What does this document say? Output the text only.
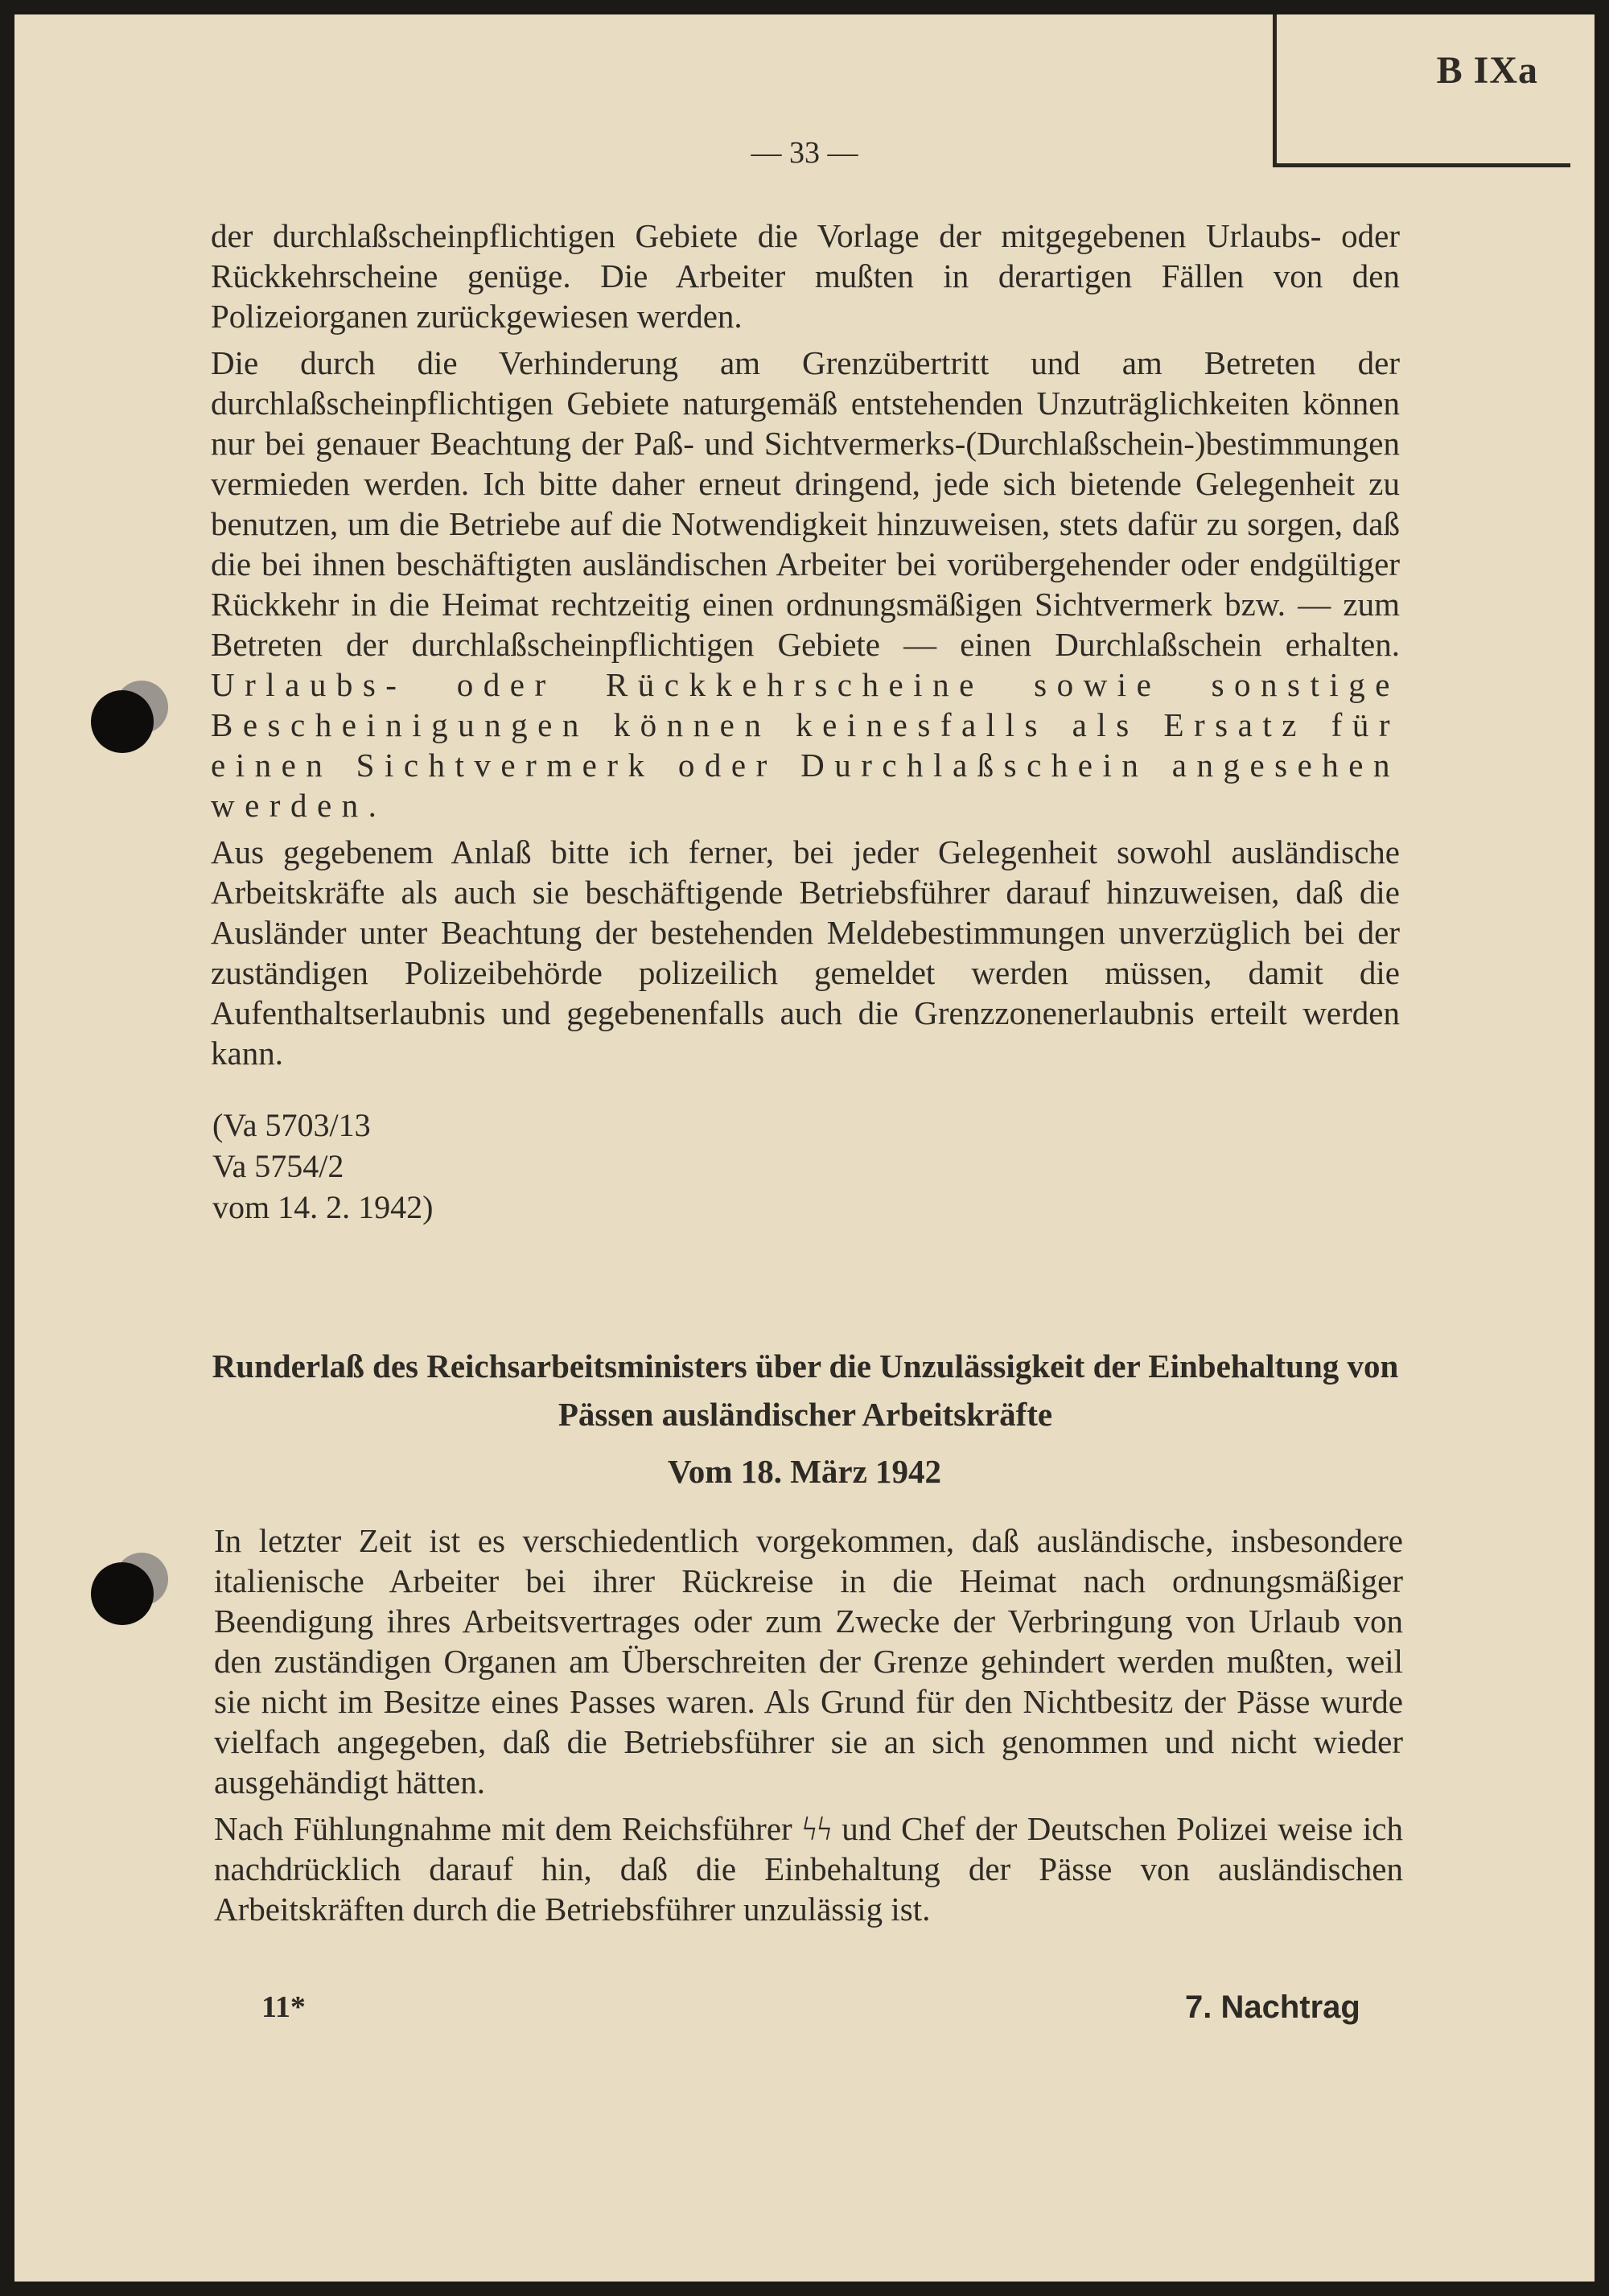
B IXa
— 33 —

der durchlaßscheinpflichtigen Gebiete die Vorlage der mitgegebenen Urlaubs- oder Rückkehrscheine genüge. Die Arbeiter mußten in derartigen Fällen von den Polizeiorganen zurückgewiesen werden.

Die durch die Verhinderung am Grenzübertritt und am Betreten der durchlaßscheinpflichtigen Gebiete naturgemäß entstehenden Unzuträglichkeiten können nur bei genauer Beachtung der Paß- und Sichtvermerks-(Durchlaßschein-)bestimmungen vermieden werden. Ich bitte daher erneut dringend, jede sich bietende Gelegenheit zu benutzen, um die Betriebe auf die Notwendigkeit hinzuweisen, stets dafür zu sorgen, daß die bei ihnen beschäftigten ausländischen Arbeiter bei vorübergehender oder endgültiger Rückkehr in die Heimat rechtzeitig einen ordnungsmäßigen Sichtvermerk bzw. — zum Betreten der durchlaßscheinpflichtigen Gebiete — einen Durchlaßschein erhalten. Urlaubs- oder Rückkehrscheine sowie sonstige Bescheinigungen können keinesfalls als Ersatz für einen Sichtvermerk oder Durchlaßschein angesehen werden.

Aus gegebenem Anlaß bitte ich ferner, bei jeder Gelegenheit sowohl ausländische Arbeitskräfte als auch sie beschäftigende Betriebsführer darauf hinzuweisen, daß die Ausländer unter Beachtung der bestehenden Meldebestimmungen unverzüglich bei der zuständigen Polizeibehörde polizeilich gemeldet werden müssen, damit die Aufenthaltserlaubnis und gegebenenfalls auch die Grenzzonenerlaubnis erteilt werden kann.

(Va 5703/13
Va 5754/2
vom 14. 2. 1942)
Runderlaß des Reichsarbeitsministers über die Unzulässigkeit der Einbehaltung von Pässen ausländischer Arbeitskräfte
Vom 18. März 1942

In letzter Zeit ist es verschiedentlich vorgekommen, daß ausländische, insbesondere italienische Arbeiter bei ihrer Rückreise in die Heimat nach ordnungsmäßiger Beendigung ihres Arbeitsvertrages oder zum Zwecke der Verbringung von Urlaub von den zuständigen Organen am Überschreiten der Grenze gehindert werden mußten, weil sie nicht im Besitze eines Passes waren. Als Grund für den Nichtbesitz der Pässe wurde vielfach angegeben, daß die Betriebsführer sie an sich genommen und nicht wieder ausgehändigt hätten.

Nach Fühlungnahme mit dem Reichsführer ϟϟ und Chef der Deutschen Polizei weise ich nachdrücklich darauf hin, daß die Einbehaltung der Pässe von ausländischen Arbeitskräften durch die Betriebsführer unzulässig ist.

11*	7. Nachtrag
